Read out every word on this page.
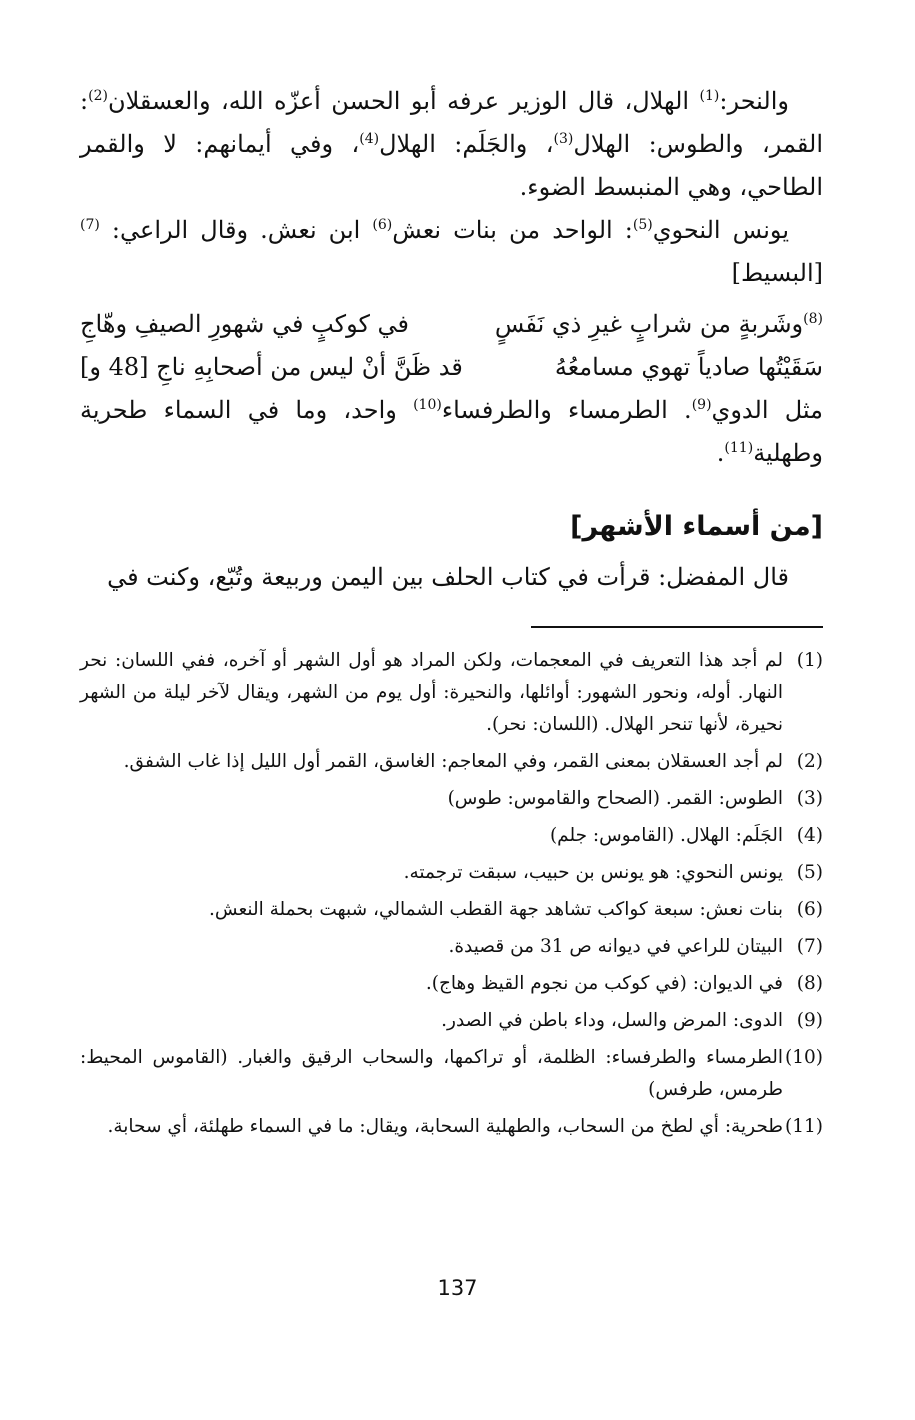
والنحر:$^{(1)}$ الهلال، قال الوزير عرفه أبو الحسن أعزّه الله، والعسقلان$^{(2)}$: القمر، والطوس: الهلال$^{(3)}$، والجَلَم: الهلال$^{(4)}$، وفي أيمانهم: لا والقمر الطاحي، وهي المنبسط الضوء.

يونس النحوي$^{(5)}$: الواحد من بنات نعش$^{(6)}$ ابن نعش. وقال الراعي: $^{(7)}$ [البسيط]

$^{(8)}$وشَربةٍ من شرابٍ غيرِ ذي نَفَسٍ
في كوكبٍ في شهورِ الصيفِ وهّاجِ
سَقَيْتُها صادياً تهوي مسامعُهُ
قد ظَنَّ أنْ ليس من أصحابِهِ ناجِ [48 و]

مثل الدوي$^{(9)}$. الطرمساء والطرفساء$^{(10)}$ واحد، وما في السماء طحرية وطهلية$^{(11)}$.

[من أسماء الأشهر]
قال المفضل: قرأت في كتاب الحلف بين اليمن وربيعة وتُبّع، وكنت في
(1)
لم أجد هذا التعريف في المعجمات، ولكن المراد هو أول الشهر أو آخره، ففي اللسان: نحر النهار. أوله، ونحور الشهور: أوائلها، والنحيرة: أول يوم من الشهر، ويقال لآخر ليلة من الشهر نحيرة، لأنها تنحر الهلال. (اللسان: نحر).
(2)
لم أجد العسقلان بمعنى القمر، وفي المعاجم: الغاسق، القمر أول الليل إذا غاب الشفق.
(3)
الطوس: القمر. (الصحاح والقاموس: طوس)
(4)
الجَلَم: الهلال. (القاموس: جلم)
(5)
يونس النحوي: هو يونس بن حبيب، سبقت ترجمته.
(6)
بنات نعش: سبعة كواكب تشاهد جهة القطب الشمالي، شبهت بحملة النعش.
(7)
البيتان للراعي في ديوانه ص 31 من قصيدة.
(8)
في الديوان: (في كوكب من نجوم القيظ وهاج).
(9)
الدوى: المرض والسل، وداء باطن في الصدر.
(10)
الطرمساء والطرفساء: الظلمة، أو تراكمها، والسحاب الرقيق والغبار. (القاموس المحيط: طرمس، طرفس)
(11)
طحرية: أي لطخ من السحاب، والطهلية السحابة، ويقال: ما في السماء طهلئة، أي سحابة.
137
